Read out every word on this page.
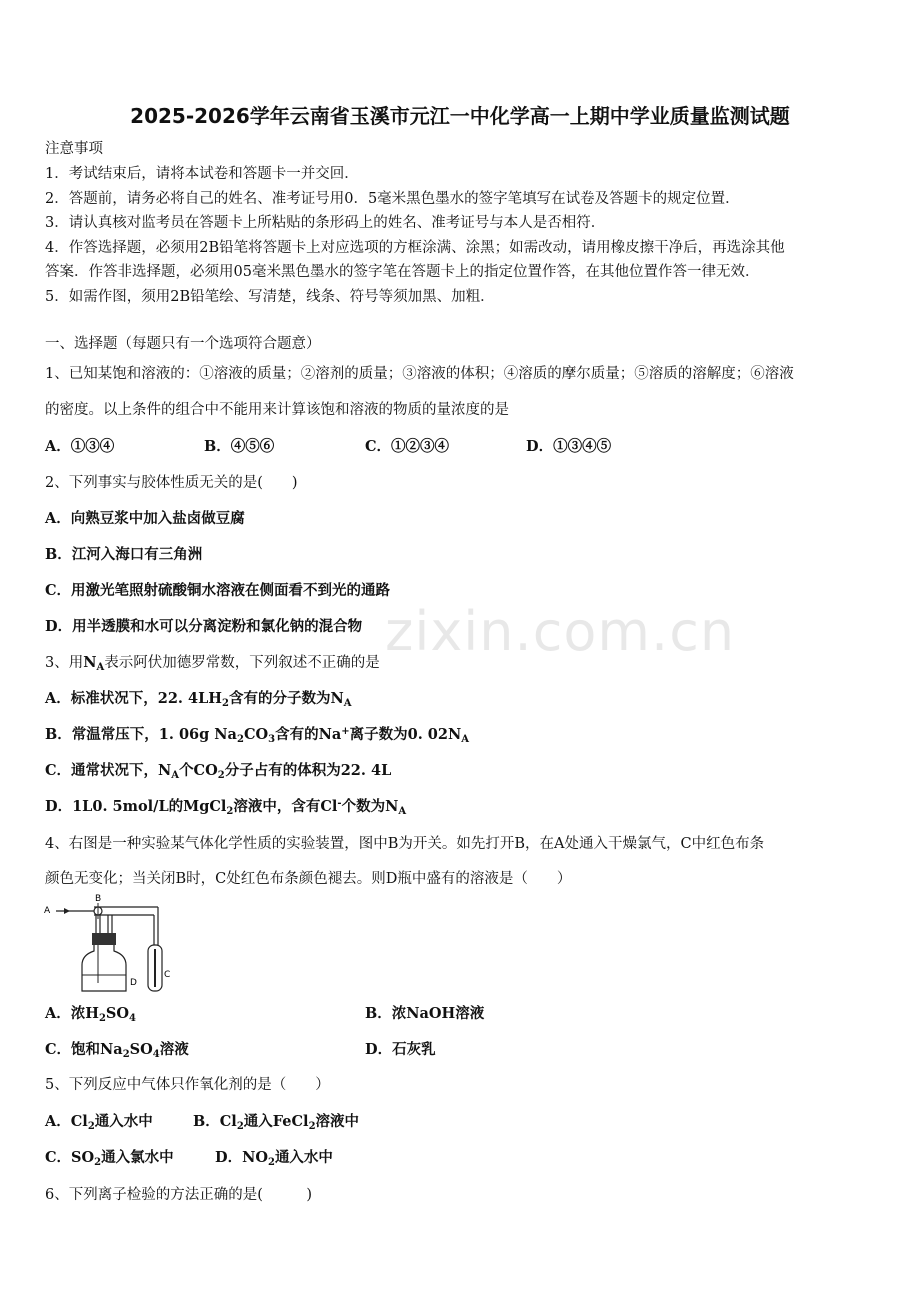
2025-2026学年云南省玉溪市元江一中化学高一上期中学业质量监测试题
注意事项
1．考试结束后，请将本试卷和答题卡一并交回．
2．答题前，请务必将自己的姓名、准考证号用0．5毫米黑色墨水的签字笔填写在试卷及答题卡的规定位置．
3．请认真核对监考员在答题卡上所粘贴的条形码上的姓名、准考证号与本人是否相符．
4．作答选择题，必须用2B铅笔将答题卡上对应选项的方框涂满、涂黑；如需改动，请用橡皮擦干净后，再选涂其他
答案．作答非选择题，必须用05毫米黑色墨水的签字笔在答题卡上的指定位置作答，在其他位置作答一律无效．
5．如需作图，须用2B铅笔绘、写清楚，线条、符号等须加黑、加粗．
一、选择题（每题只有一个选项符合题意）
1、已知某饱和溶液的：①溶液的质量；②溶剂的质量；③溶液的体积；④溶质的摩尔质量；⑤溶质的溶解度；⑥溶液
的密度。以上条件的组合中不能用来计算该饱和溶液的物质的量浓度的是
A．①③④	B．④⑤⑥	C．①②③④	D．①③④⑤
2、下列事实与胶体性质无关的是(　　)
A．向熟豆浆中加入盐卤做豆腐
B．江河入海口有三角洲
C．用激光笔照射硫酸铜水溶液在侧面看不到光的通路
D．用半透膜和水可以分离淀粉和氯化钠的混合物 zixin.com.cn
3、用$N_A$表示阿伏加德罗常数，下列叙述不正确的是
A．标准状况下，22. $4LH_2$含有的分子数为$N_A$
B．常温常压下，1. 06g $Na_2CO_3$含有的Na+离子数为0. $02N_A$
C．通常状况下，$N_A$个$CO_2$分子占有的体积为22. 4L
D．1L0. 5mol/L的MgCl$_2$溶液中，含有Cl-个数为$N_A$
4、右图是一种实验某气体化学性质的实验装置，图中B为开关。如先打开B，在A处通入干燥氯气，C中红色布条
颜色无变化；当关闭B时，C处红色布条颜色褪去。则D瓶中盛有的溶液是（　　）
A
B
D
C
A．浓$H_2SO_4$	B．浓NaOH溶液
C．饱和$Na_2SO_4$溶液	D．石灰乳
5、下列反应中气体只作氧化剂的是（　　）
A．$Cl_2$通入水中	B．$Cl_2$通入FeCl$_2$溶液中
C．$SO_2$通入氯水中	D．$NO_2$通入水中
6、下列离子检验的方法正确的是(　　　)
